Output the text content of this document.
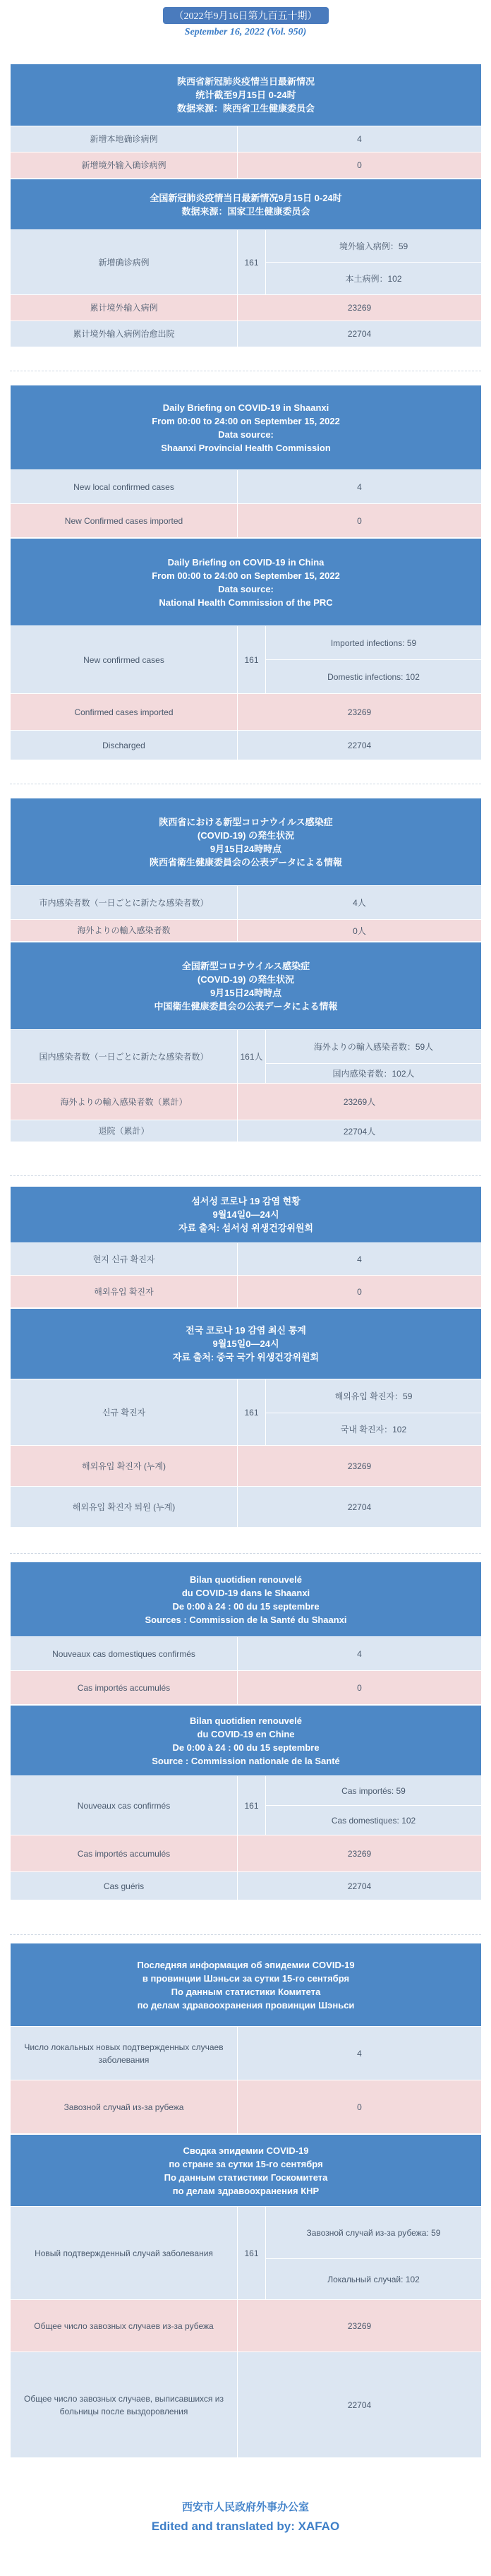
（2022年9月16日第九百五十期）
September 16, 2022 (Vol. 950)
陕西省新冠肺炎疫情当日最新情况
统计截至9月15日 0-24时
数据来源：陕西省卫生健康委员会	

新增本地确诊病例	4
新增境外输入确诊病例	0
全国新冠肺炎疫情当日最新情况9月15日 0-24时
数据来源：国家卫生健康委员会		

新增确诊病例	161	境外输入病例：59
		本土病例：102
累计境外输入病例	23269	
累计境外输入病例治愈出院	22704	
Daily Briefing on COVID-19 in Shaanxi
From 00:00 to 24:00 on September 15, 2022
Data source:
Shaanxi Provincial Health Commission	

New local confirmed cases	4
New Confirmed cases imported	0
Daily Briefing on COVID-19 in China
From 00:00 to 24:00 on September 15, 2022
Data source:
National Health Commission of the PRC		

New confirmed cases	161	Imported infections: 59
		Domestic infections: 102
Confirmed cases imported	23269	
Discharged	22704	
陝西省における新型コロナウイルス感染症
(COVID-19) の発生状況
9月15日24時時点
陝西省衛生健康委員会の公表データによる情報	

市内感染者数（一日ごとに新たな感染者数）	4人
海外よりの輸入感染者数	0人
全国新型コロナウイルス感染症
(COVID-19) の発生状況
9月15日24時時点
中国衛生健康委員会の公表データによる情報		

国内感染者数（一日ごとに新たな感染者数）	161人	海外よりの輸入感染者数：59人
		国内感染者数：102人
海外よりの輸入感染者数（累計）	23269人	
退院（累計）	22704人	
섬서성 코로나 19 감염 현황
9월14일0—24시
자료 출처: 섬서성 위생건강위원회	

현지 신규 확진자	4
해외유입 확진자	0
전국 코로나 19 감염 최신 통계
9월15일0—24시
자료 출처: 중국 국가 위생건강위원회		

신규 확진자	161	해외유입 확진자：59
		국내 확진자：102
해외유입 확진자 (누계)	23269	
해외유입 확진자 퇴원 (누계)	22704	
Bilan quotidien renouvelé
du COVID-19 dans le Shaanxi
De 0:00 à 24 : 00 du 15 septembre
Sources : Commission de la Santé du Shaanxi	

Nouveaux cas domestiques confirmés	4
Cas importés accumulés	0
Bilan quotidien renouvelé
du COVID-19 en Chine
De 0:00 à 24 : 00 du 15 septembre
Source : Commission nationale de la Santé		

Nouveaux cas confirmés	161	Cas importés: 59
		Cas domestiques: 102
Cas importés accumulés	23269	
Cas guéris	22704	
Последняя информация об эпидемии COVID-19
в провинции Шэньси за сутки 15-го сентября
По данным статистики Комитета
по делам здравоохранения провинции Шэньси	

Число локальных новых подтвержденных случаев заболевания	4
Завозной случай из-за рубежа	0
Сводка эпидемии COVID-19
по стране за сутки 15-го сентября
По данным статистики Госкомитета
по делам здравоохранения КНР		

Новый подтвержденный случай заболевания	161	Завозной случай из-за рубежа: 59
		Локальный случай: 102
Общее число завозных случаев из-за рубежа	23269	
Общее число завозных случаев, выписавшихся из больницы после выздоровления	22704	
西安市人民政府外事办公室
Edited and translated by: XAFAO
